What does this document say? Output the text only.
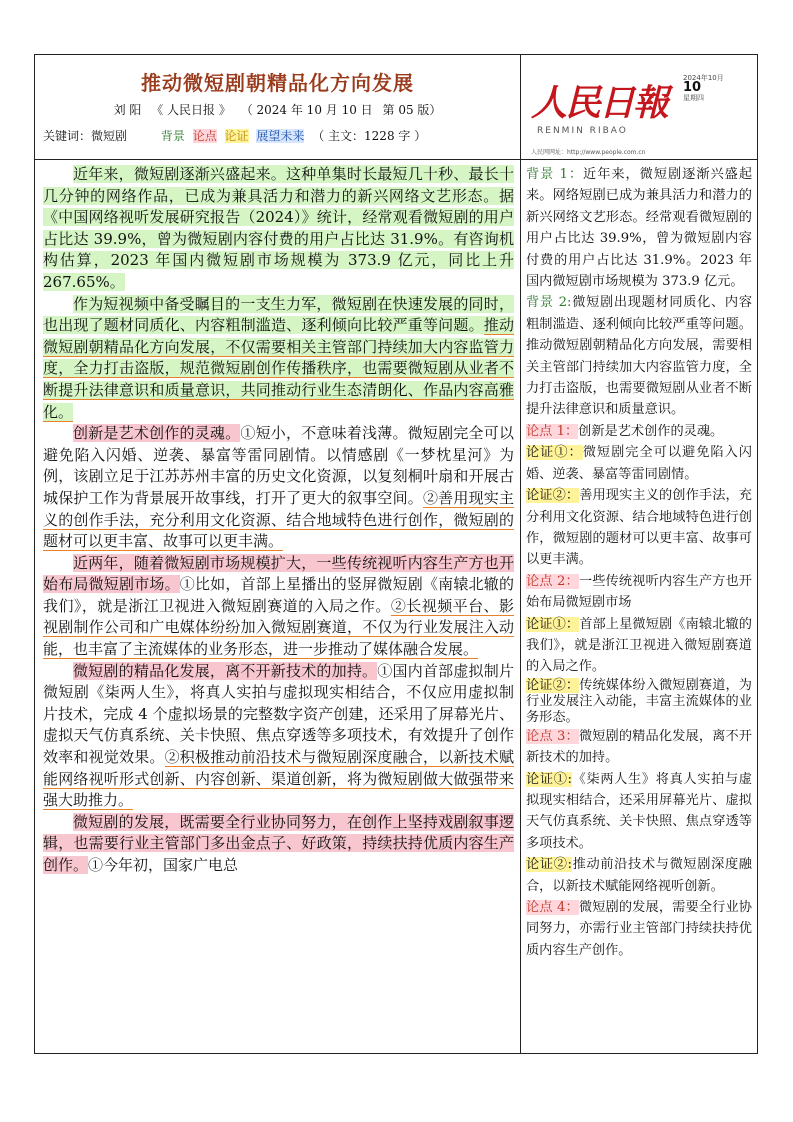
推动微短剧朝精品化方向发展
刘 阳 《 人民日报 》 （ 2024 年 10 月 10 日 第 05 版）
关键词：微短剧	背景 论点 论证 展望未来 （ 主文：1228 字 ）
人民日報
RENMIN RIBAO
2024年10月
10
星期四
人民网网址：http://www.people.com.cn

近年来，微短剧逐渐兴盛起来。这种单集时长最短几十秒、最长十几分钟的网络作品，已成为兼具活力和潜力的新兴网络文艺形态。据《中国网络视听发展研究报告（2024）》统计，经常观看微短剧的用户占比达 39.9%，曾为微短剧内容付费的用户占比达 31.9%。有咨询机构估算，2023 年国内微短剧市场规模为 373.9 亿元，同比上升 267.65%。

作为短视频中备受瞩目的一支生力军，微短剧在快速发展的同时，也出现了题材同质化、内容粗制滥造、逐利倾向比较严重等问题。推动微短剧朝精品化方向发展，不仅需要相关主管部门持续加大内容监管力度，全力打击盗版，规范微短剧创作传播秩序，也需要微短剧从业者不断提升法律意识和质量意识，共同推动行业生态清朗化、作品内容高雅化。

创新是艺术创作的灵魂。①短小，不意味着浅薄。微短剧完全可以避免陷入闪婚、逆袭、暴富等雷同剧情。以情感剧《一梦枕星河》为例，该剧立足于江苏苏州丰富的历史文化资源，以复刻桐叶扇和开展古城保护工作为背景展开故事线，打开了更大的叙事空间。②善用现实主义的创作手法，充分利用文化资源、结合地域特色进行创作，微短剧的题材可以更丰富、故事可以更丰满。

近两年，随着微短剧市场规模扩大，一些传统视听内容生产方也开始布局微短剧市场。①比如，首部上星播出的竖屏微短剧《南辕北辙的我们》，就是浙江卫视进入微短剧赛道的入局之作。②长视频平台、影视剧制作公司和广电媒体纷纷加入微短剧赛道，不仅为行业发展注入动能，也丰富了主流媒体的业务形态，进一步推动了媒体融合发展。

微短剧的精品化发展，离不开新技术的加持。①国内首部虚拟制片微短剧《柒两人生》，将真人实拍与虚拟现实相结合，不仅应用虚拟制片技术，完成 4 个虚拟场景的完整数字资产创建，还采用了屏幕光片、虚拟天气仿真系统、关卡快照、焦点穿透等多项技术，有效提升了创作效率和视觉效果。②积极推动前沿技术与微短剧深度融合，以新技术赋能网络视听形式创新、内容创新、渠道创新，将为微短剧做大做强带来强大助推力。

微短剧的发展，既需要全行业协同努力，在创作上坚持戏剧叙事逻辑，也需要行业主管部门多出金点子、好政策，持续扶持优质内容生产创作。①今年初，国家广电总

背景 1：近年来，微短剧逐渐兴盛起来。网络短剧已成为兼具活力和潜力的新兴网络文艺形态。经常观看微短剧的用户占比达 39.9%，曾为微短剧内容付费的用户占比达 31.9%。2023 年国内微短剧市场规模为 373.9 亿元。

背景 2:微短剧出现题材同质化、内容粗制滥造、逐利倾向比较严重等问题。推动微短剧朝精品化方向发展，需要相关主管部门持续加大内容监管力度，全力打击盗版，也需要微短剧从业者不断提升法律意识和质量意识。

论点 1：创新是艺术创作的灵魂。

论证①：微短剧完全可以避免陷入闪婚、逆袭、暴富等雷同剧情。

论证②：善用现实主义的创作手法，充分利用文化资源、结合地域特色进行创作，微短剧的题材可以更丰富、故事可以更丰满。

论点 2：一些传统视听内容生产方也开始布局微短剧市场

论证①：首部上星微短剧《南辕北辙的我们》，就是浙江卫视进入微短剧赛道的入局之作。

论证②：传统媒体纷入微短剧赛道，为行业发展注入动能，丰富主流媒体的业务形态。

论点 3：微短剧的精品化发展，离不开新技术的加持。

论证①:《柒两人生》将真人实拍与虚拟现实相结合，还采用屏幕光片、虚拟天气仿真系统、关卡快照、焦点穿透等多项技术。

论证②:推动前沿技术与微短剧深度融合，以新技术赋能网络视听创新。

论点 4：微短剧的发展，需要全行业协同努力，亦需行业主管部门持续扶持优质内容生产创作。
